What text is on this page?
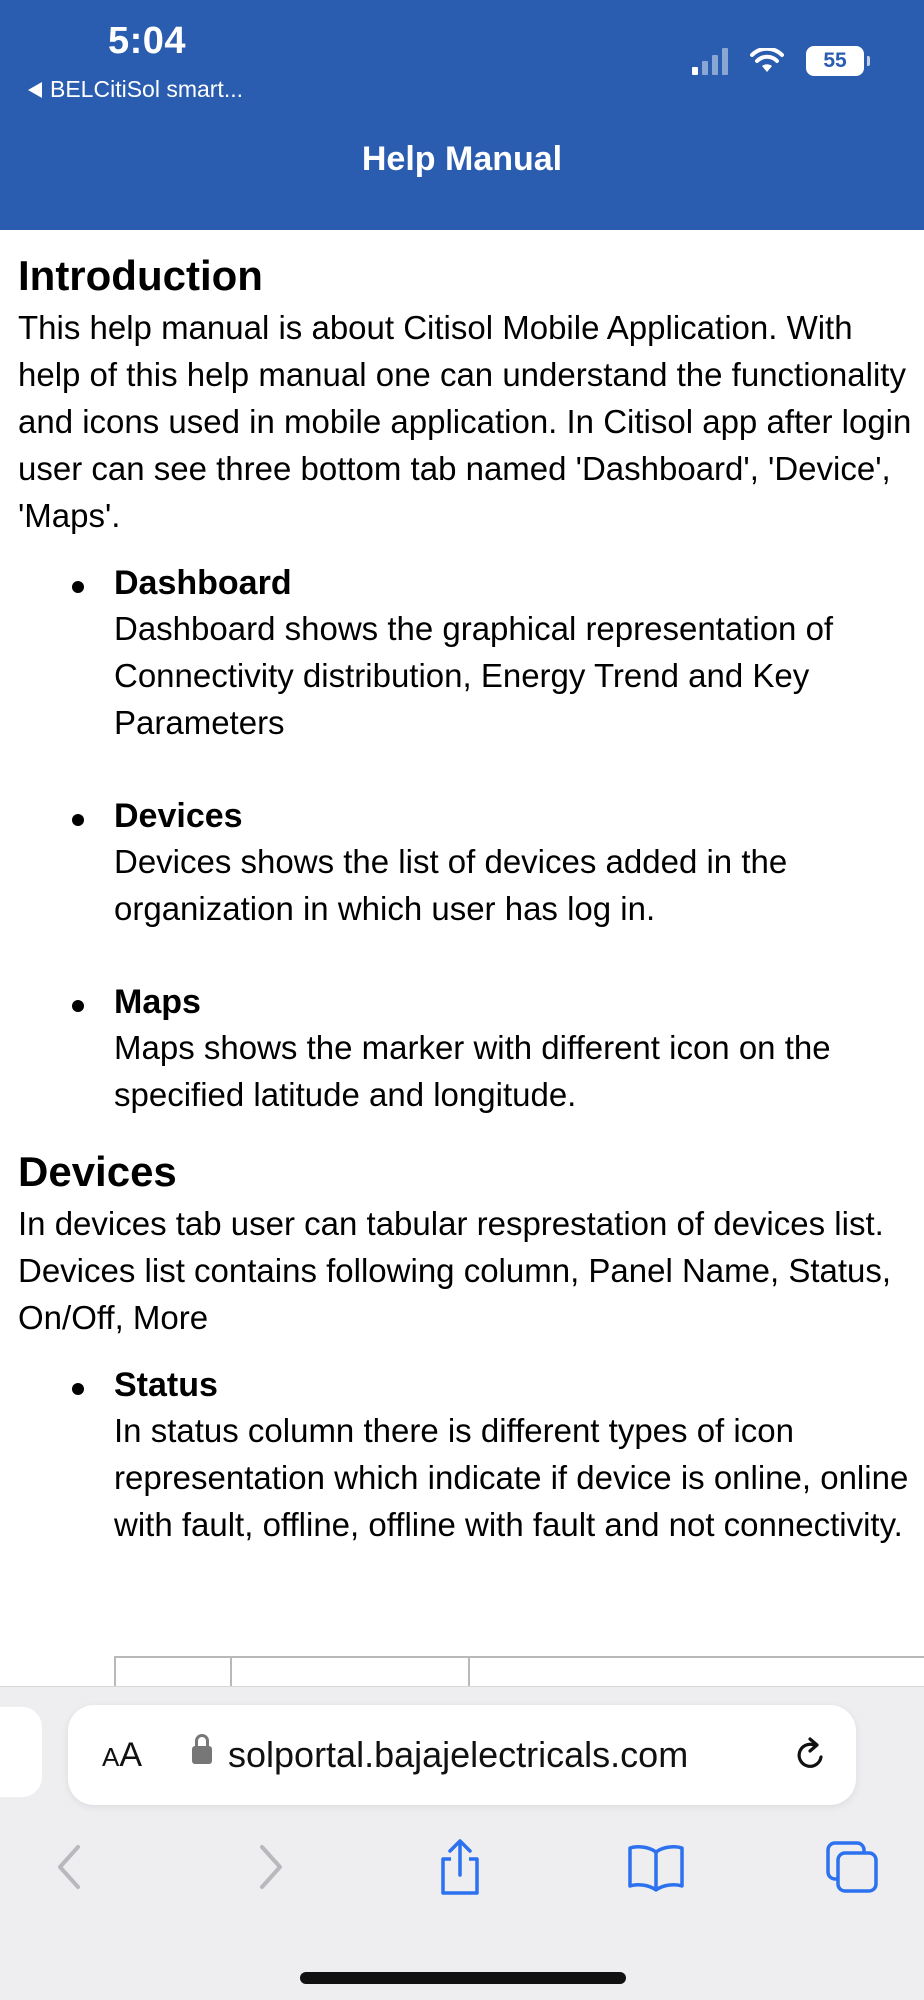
5:04
BELCitiSol smart...
55
Help Manual
Introduction

This help manual is about Citisol Mobile Application. With help of this help manual one can understand the functionality and icons used in mobile application. In Citisol app after login user can see three bottom tab named 'Dashboard', 'Device', 'Maps'.

Dashboard
Dashboard shows the graphical representation of Connectivity distribution, Energy Trend and Key Parameters
Devices
Devices shows the list of devices added in the organization in which user has log in.
Maps
Maps shows the marker with different icon on the specified latitude and longitude.
Devices

In devices tab user can tabular resprestation of devices list. Devices list contains following column, Panel Name, Status, On/Off, More

Status
In status column there is different types of icon representation which indicate if device is online, online with fault, offline, offline with fault and not connectivity.
AA solportal.bajajelectricals.com
